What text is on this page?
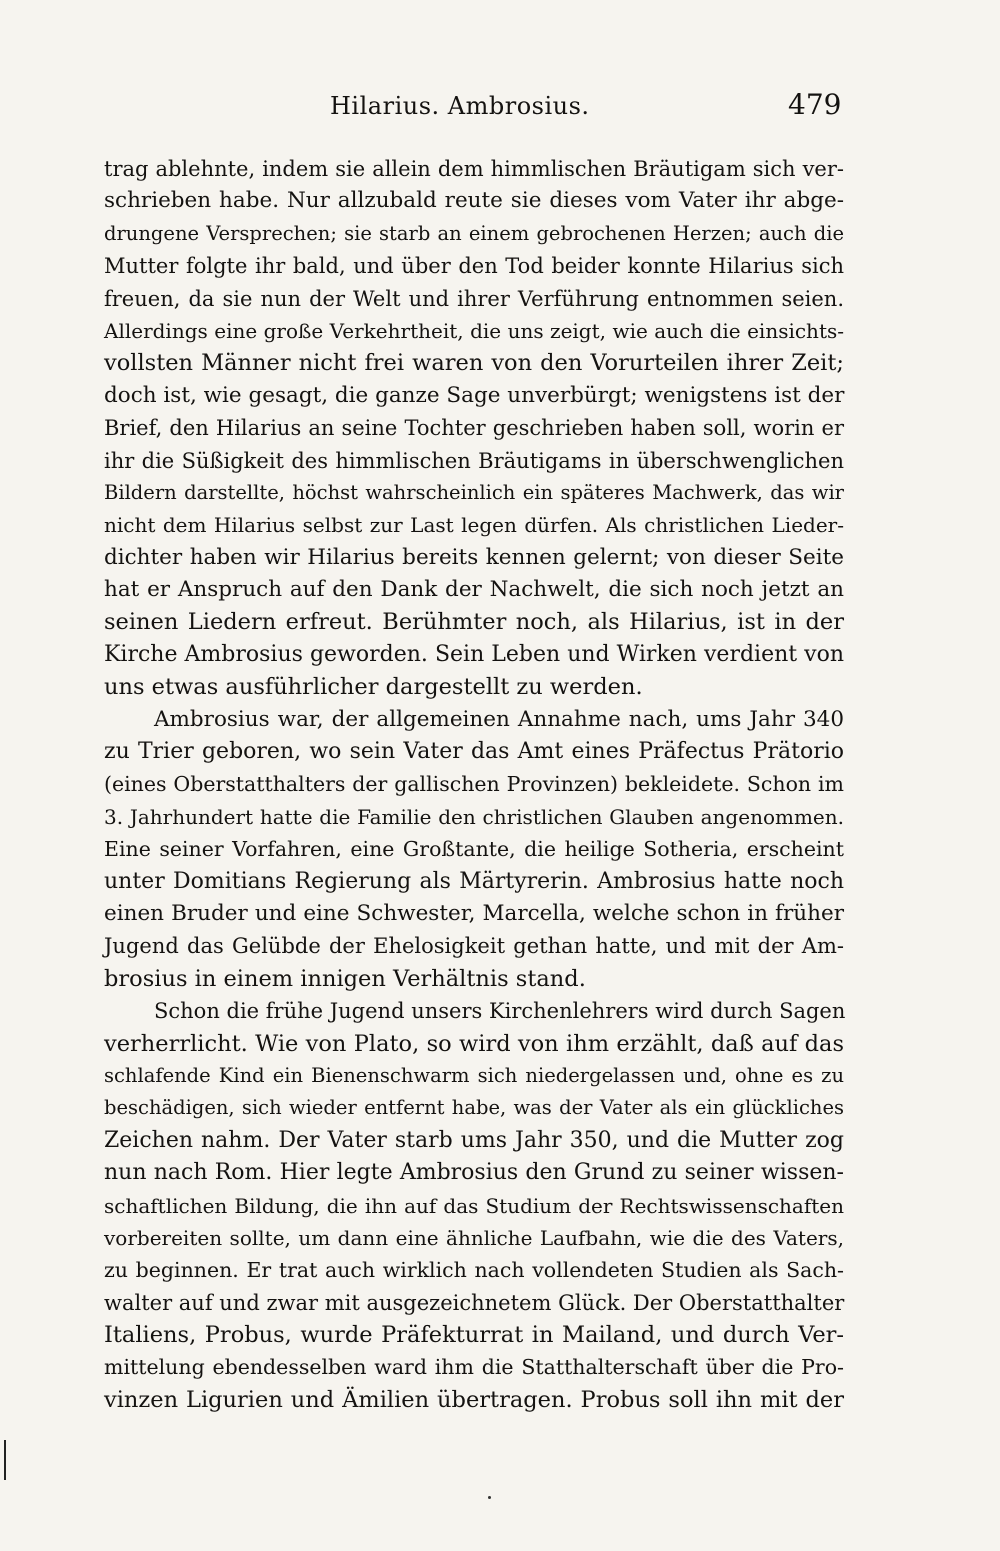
Hilarius. Ambrosius.	479
trag ablehnte, indem sie allein dem himmlischen Bräutigam sich ver-
schrieben habe. Nur allzubald reute sie dieses vom Vater ihr abge-
drungene Versprechen; sie starb an einem gebrochenen Herzen; auch die
Mutter folgte ihr bald, und über den Tod beider konnte Hilarius sich
freuen, da sie nun der Welt und ihrer Verführung entnommen seien.
Allerdings eine große Verkehrtheit, die uns zeigt, wie auch die einsichts-
vollsten Männer nicht frei waren von den Vorurteilen ihrer Zeit;
doch ist, wie gesagt, die ganze Sage unverbürgt; wenigstens ist der
Brief, den Hilarius an seine Tochter geschrieben haben soll, worin er
ihr die Süßigkeit des himmlischen Bräutigams in überschwenglichen
Bildern darstellte, höchst wahrscheinlich ein späteres Machwerk, das wir
nicht dem Hilarius selbst zur Last legen dürfen. Als christlichen Lieder-
dichter haben wir Hilarius bereits kennen gelernt; von dieser Seite
hat er Anspruch auf den Dank der Nachwelt, die sich noch jetzt an
seinen Liedern erfreut. Berühmter noch, als Hilarius, ist in der
Kirche Ambrosius geworden. Sein Leben und Wirken verdient von
uns etwas ausführlicher dargestellt zu werden.
Ambrosius war, der allgemeinen Annahme nach, ums Jahr 340
zu Trier geboren, wo sein Vater das Amt eines Präfectus Prätorio
(eines Oberstatthalters der gallischen Provinzen) bekleidete. Schon im
3. Jahrhundert hatte die Familie den christlichen Glauben angenommen.
Eine seiner Vorfahren, eine Großtante, die heilige Sotheria, erscheint
unter Domitians Regierung als Märtyrerin. Ambrosius hatte noch
einen Bruder und eine Schwester, Marcella, welche schon in früher
Jugend das Gelübde der Ehelosigkeit gethan hatte, und mit der Am-
brosius in einem innigen Verhältnis stand.
Schon die frühe Jugend unsers Kirchenlehrers wird durch Sagen
verherrlicht. Wie von Plato, so wird von ihm erzählt, daß auf das
schlafende Kind ein Bienenschwarm sich niedergelassen und, ohne es zu
beschädigen, sich wieder entfernt habe, was der Vater als ein glückliches
Zeichen nahm. Der Vater starb ums Jahr 350, und die Mutter zog
nun nach Rom. Hier legte Ambrosius den Grund zu seiner wissen-
schaftlichen Bildung, die ihn auf das Studium der Rechtswissenschaften
vorbereiten sollte, um dann eine ähnliche Laufbahn, wie die des Vaters,
zu beginnen. Er trat auch wirklich nach vollendeten Studien als Sach-
walter auf und zwar mit ausgezeichnetem Glück. Der Oberstatthalter
Italiens, Probus, wurde Präfekturrat in Mailand, und durch Ver-
mittelung ebendesselben ward ihm die Statthalterschaft über die Pro-
vinzen Ligurien und Ämilien übertragen. Probus soll ihn mit der
